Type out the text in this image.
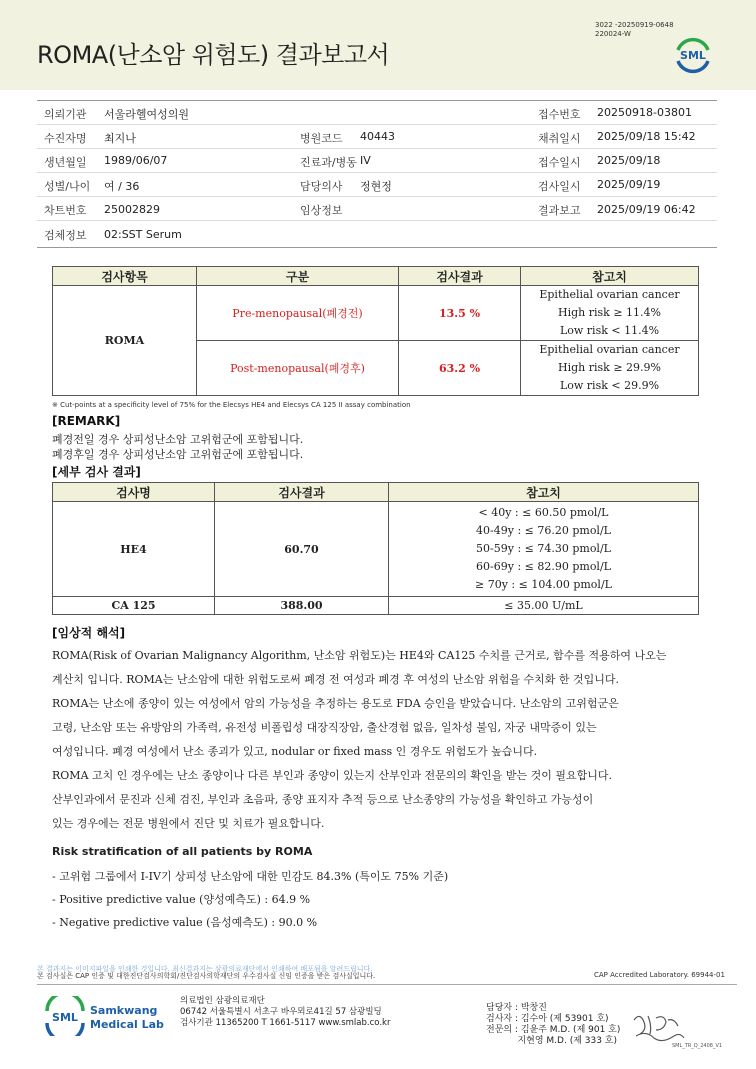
ROMA(난소암 위험도) 결과보고서
3022 -20250919-0648
220024-W
SML
의뢰기관 서울라헬여성의원	접수번호 20250918-03801
수진자명 최지나	병원코드 40443	채취일시 2025/09/18 15:42
생년월일 1989/06/07	진료과/병동 IV	접수일시 2025/09/18
성별/나이 여 / 36	담당의사 정현정	검사일시 2025/09/19
차트번호 25002829	임상정보	결과보고 2025/09/19 06:42
검체정보 02:SST Serum
검사항목	구분	검사결과	참고치
ROMA	Pre-menopausal(폐경전)	13.5 %	Epithelial ovarian cancer
High risk ≥ 11.4%
Low risk < 11.4%

	Post-menopausal(폐경후)	63.2 %	Epithelial ovarian cancer
High risk ≥ 29.9%
Low risk < 29.9%
※ Cut-points at a specificity level of 75% for the Elecsys HE4 and Elecsys CA 125 II assay combination
[REMARK]
폐경전일 경우 상피성난소암 고위험군에 포함됩니다.
폐경후일 경우 상피성난소암 고위험군에 포함됩니다.
[세부 검사 결과]
검사명	검사결과	참고치
HE4	60.70	< 40y : ≤ 60.50 pmol/L
40-49y : ≤ 76.20 pmol/L
50-59y : ≤ 74.30 pmol/L
60-69y : ≤ 82.90 pmol/L
≥ 70y : ≤ 104.00 pmol/L

CA 125	388.00	≤ 35.00 U/mL
[임상적 해석]
ROMA(Risk of Ovarian Malignancy Algorithm, 난소암 위험도)는 HE4와 CA125 수치를 근거로, 함수를 적용하여 나오는
계산치 입니다. ROMA는 난소암에 대한 위험도로써 폐경 전 여성과 폐경 후 여성의 난소암 위험을 수치화 한 것입니다.
ROMA는 난소에 종양이 있는 여성에서 암의 가능성을 추정하는 용도로 FDA 승인을 받았습니다. 난소암의 고위험군은
고령, 난소암 또는 유방암의 가족력, 유전성 비폴립성 대장직장암, 출산경험 없음, 일차성 불임, 자궁 내막증이 있는
여성입니다. 폐경 여성에서 난소 종괴가 있고, nodular or fixed mass 인 경우도 위험도가 높습니다.
ROMA 고치 인 경우에는 난소 종양이나 다른 부인과 종양이 있는지 산부인과 전문의의 확인을 받는 것이 필요합니다.
산부인과에서 문진과 신체 검진, 부인과 초음파, 종양 표지자 추적 등으로 난소종양의 가능성을 확인하고 가능성이
있는 경우에는 전문 병원에서 진단 및 치료가 필요합니다.
Risk stratification of all patients by ROMA
- 고위험 그룹에서 I-IV기 상피성 난소암에 대한 민감도 84.3% (특이도 75% 기준)
- Positive predictive value (양성예측도) : 64.9 %
- Negative predictive value (음성예측도) : 90.0 %
본 결과지는 이미지파일을 인쇄한 것입니다. 최신결과지는 삼광의료재단에서 인쇄하여 배포됨을 알려드립니다.
본 검사실은 CAP 인증 및 대한진단검사의학회/진단검사의학재단의 우수검사실 신임 인증을 받은 검사실입니다.	CAP Accredited Laboratory. 69944-01
SML
Samkwang
Medical Lab
의료법인 삼광의료재단
06742 서울특별시 서초구 바우뫼로41길 57 삼광빌딩
검사기관 11365200 T 1661-5117 www.smlab.co.kr
담당자 : 박창진
검사자 : 김수아 (제 53901 호)
전문의 : 김윤주 M.D. (제 901 호)
지현영 M.D. (제 333 호)	SML_TR_Q_2408_V1
